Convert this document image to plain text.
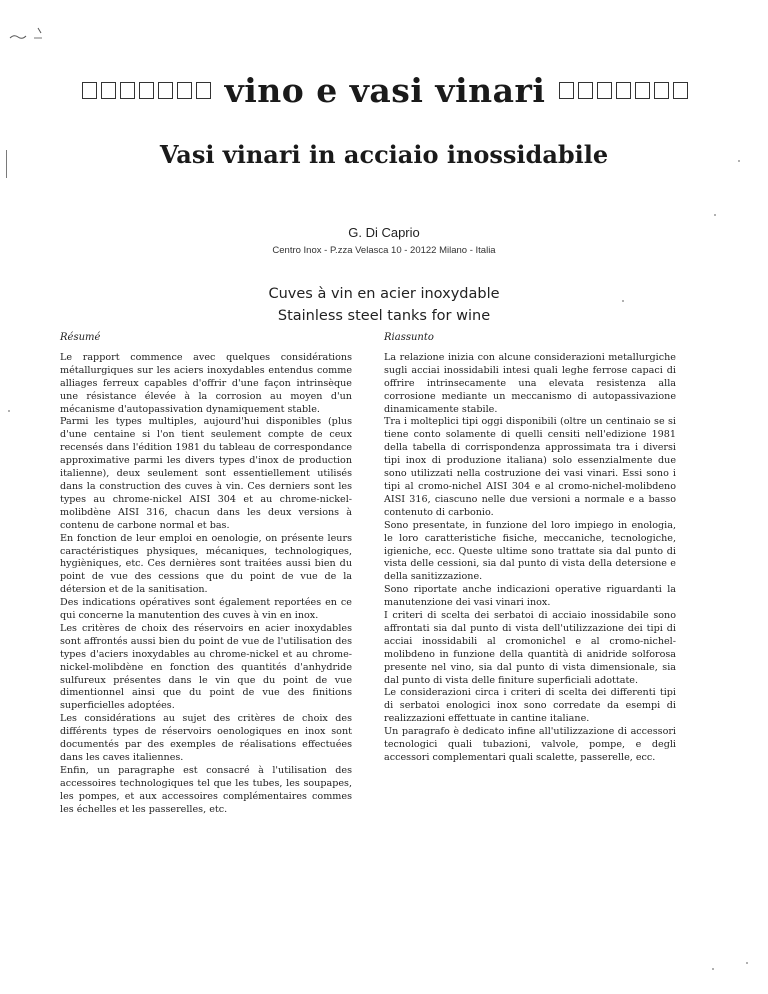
vino e vasi vinari
Vasi vinari in acciaio inossidabile
G. Di Caprio
Centro Inox - P.zza Velasca 10 - 20122 Milano - Italia
Cuves à vin en acier inoxydable
Stainless steel tanks for wine
Résumé

Le rapport commence avec quelques considérations métallurgiques sur les aciers inoxydables entendus comme alliages ferreux capables d'offrir d'une façon intrinsèque une résistance élevée à la corrosion au moyen d'un mécanisme d'autopassivation dynamiquement stable.

Parmi les types multiples, aujourd'hui disponibles (plus d'une centaine si l'on tient seulement compte de ceux recensés dans l'édition 1981 du tableau de correspondance approximative parmi les divers types d'inox de production italienne), deux seulement sont essentiellement utilisés dans la construction des cuves à vin. Ces derniers sont les types au chrome-nickel AISI 304 et au chrome-nickel-molibdène AISI 316, chacun dans les deux versions à contenu de carbone normal et bas.

En fonction de leur emploi en oenologie, on présente leurs caractéristiques physiques, mécaniques, technologiques, hygièniques, etc. Ces dernières sont traitées aussi bien du point de vue des cessions que du point de vue de la détersion et de la sanitisation.

Des indications opératives sont également reportées en ce qui concerne la manutention des cuves à vin en inox.

Les critères de choix des réservoirs en acier inoxydables sont affrontés aussi bien du point de vue de l'utilisation des types d'aciers inoxydables au chrome-nickel et au chrome-nickel-molibdène en fonction des quantités d'anhydride sulfureux présentes dans le vin que du point de vue dimentionnel ainsi que du point de vue des finitions superficielles adoptées.

Les considérations au sujet des critères de choix des différents types de réservoirs oenologiques en inox sont documentés par des exemples de réalisations effectuées dans les caves italiennes.

Enfin, un paragraphe est consacré à l'utilisation des accessoires technologiques tel que les tubes, les soupapes, les pompes, et aux accessoires complémentaires commes les échelles et les passerelles, etc.

Riassunto

La relazione inizia con alcune considerazioni metallurgiche sugli acciai inossidabili intesi quali leghe ferrose capaci di offrire intrinsecamente una elevata resistenza alla corrosione mediante un meccanismo di autopassivazione dinamicamente stabile.

Tra i molteplici tipi oggi disponibili (oltre un centinaio se si tiene conto solamente di quelli censiti nell'edizione 1981 della tabella di corrispondenza approssimata tra i diversi tipi inox di produzione italiana) solo essenzialmente due sono utilizzati nella costruzione dei vasi vinari. Essi sono i tipi al cromo-nichel AISI 304 e al cromo-nichel-molibdeno AISI 316, ciascuno nelle due versioni a normale e a basso contenuto di carbonio.

Sono presentate, in funzione del loro impiego in enologia, le loro caratteristiche fisiche, meccaniche, tecnologiche, igieniche, ecc. Queste ultime sono trattate sia dal punto di vista delle cessioni, sia dal punto di vista della detersione e della sanitizzazione.

Sono riportate anche indicazioni operative riguardanti la manutenzione dei vasi vinari inox.

I criteri di scelta dei serbatoi di acciaio inossidabile sono affrontati sia dal punto di vista dell'utilizzazione dei tipi di acciai inossidabili al cromonichel e al cromo-nichel-molibdeno in funzione della quantità di anidride solforosa presente nel vino, sia dal punto di vista dimensionale, sia dal punto di vista delle finiture superficiali adottate.

Le considerazioni circa i criteri di scelta dei differenti tipi di serbatoi enologici inox sono corredate da esempi di realizzazioni effettuate in cantine italiane.

Un paragrafo è dedicato infine all'utilizzazione di accessori tecnologici quali tubazioni, valvole, pompe, e degli accessori complementari quali scalette, passerelle, ecc.
